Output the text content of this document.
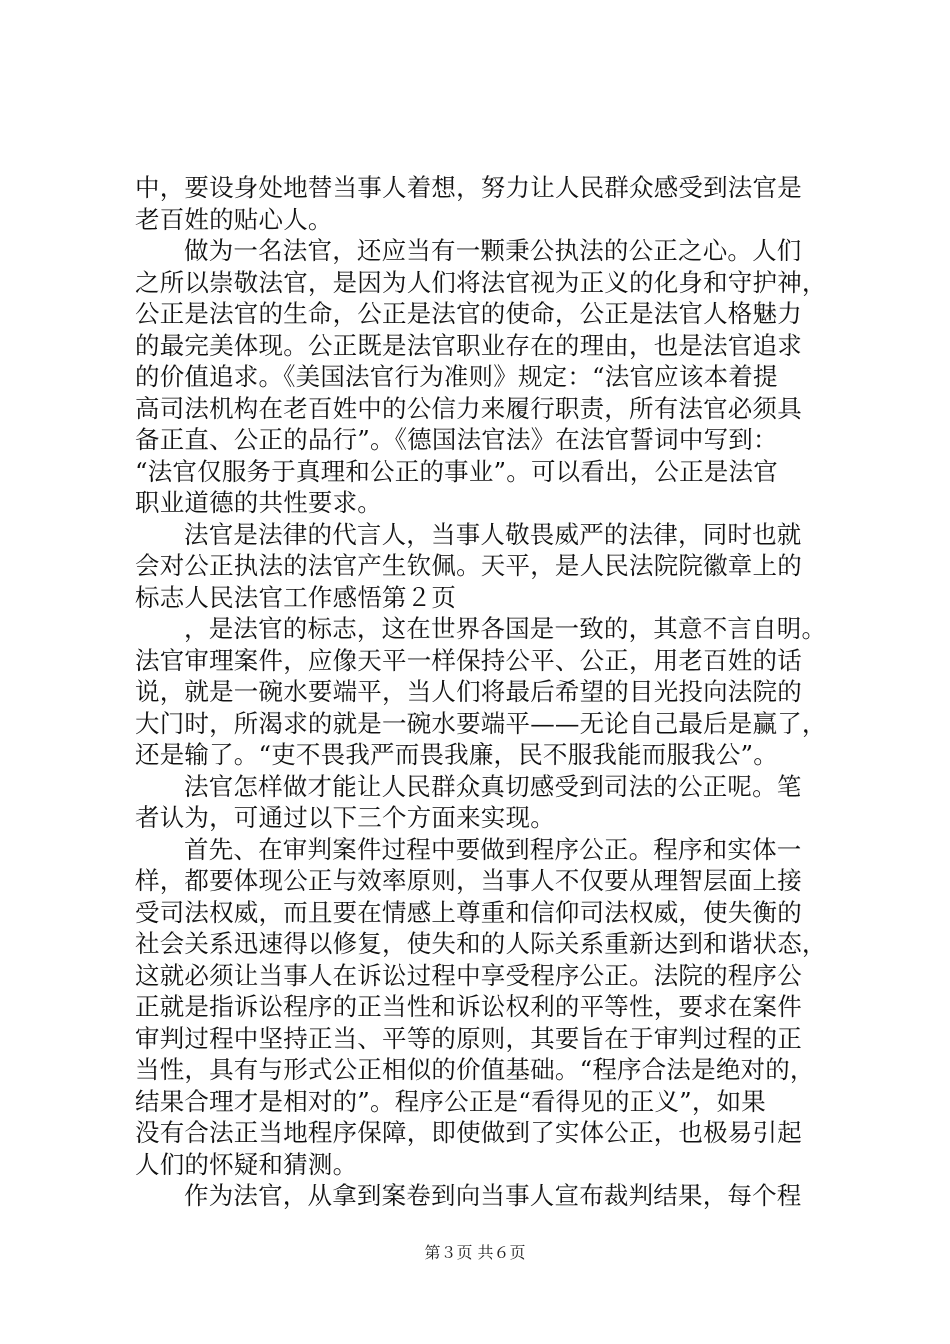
中，要设身处地替当事人着想，努力让人民群众感受到法官是
老百姓的贴心人。
做为一名法官，还应当有一颗秉公执法的公正之心。人们
之所以崇敬法官，是因为人们将法官视为正义的化身和守护神，
公正是法官的生命，公正是法官的使命，公正是法官人格魅力
的最完美体现。公正既是法官职业存在的理由，也是法官追求
的价值追求。《美国法官行为准则》规定：“法官应该本着提
高司法机构在老百姓中的公信力来履行职责，所有法官必须具
备正直、公正的品行”。《德国法官法》在法官誓词中写到：
“法官仅服务于真理和公正的事业”。可以看出，公正是法官
职业道德的共性要求。
法官是法律的代言人，当事人敬畏威严的法律，同时也就
会对公正执法的法官产生钦佩。天平，是人民法院院徽章上的
标志人民法官工作感悟第２页
，是法官的标志，这在世界各国是一致的，其意不言自明。
法官审理案件，应像天平一样保持公平、公正，用老百姓的话
说，就是一碗水要端平，当人们将最后希望的目光投向法院的
大门时，所渴求的就是一碗水要端平——无论自己最后是赢了，
还是输了。“吏不畏我严而畏我廉，民不服我能而服我公”。
法官怎样做才能让人民群众真切感受到司法的公正呢。笔
者认为，可通过以下三个方面来实现。
首先、在审判案件过程中要做到程序公正。程序和实体一
样，都要体现公正与效率原则，当事人不仅要从理智层面上接
受司法权威，而且要在情感上尊重和信仰司法权威，使失衡的
社会关系迅速得以修复，使失和的人际关系重新达到和谐状态，
这就必须让当事人在诉讼过程中享受程序公正。法院的程序公
正就是指诉讼程序的正当性和诉讼权利的平等性，要求在案件
审判过程中坚持正当、平等的原则，其要旨在于审判过程的正
当性，具有与形式公正相似的价值基础。“程序合法是绝对的，
结果合理才是相对的”。程序公正是“看得见的正义”，如果
没有合法正当地程序保障，即使做到了实体公正，也极易引起
人们的怀疑和猜测。
作为法官，从拿到案卷到向当事人宣布裁判结果，每个程
第３页 共６页
